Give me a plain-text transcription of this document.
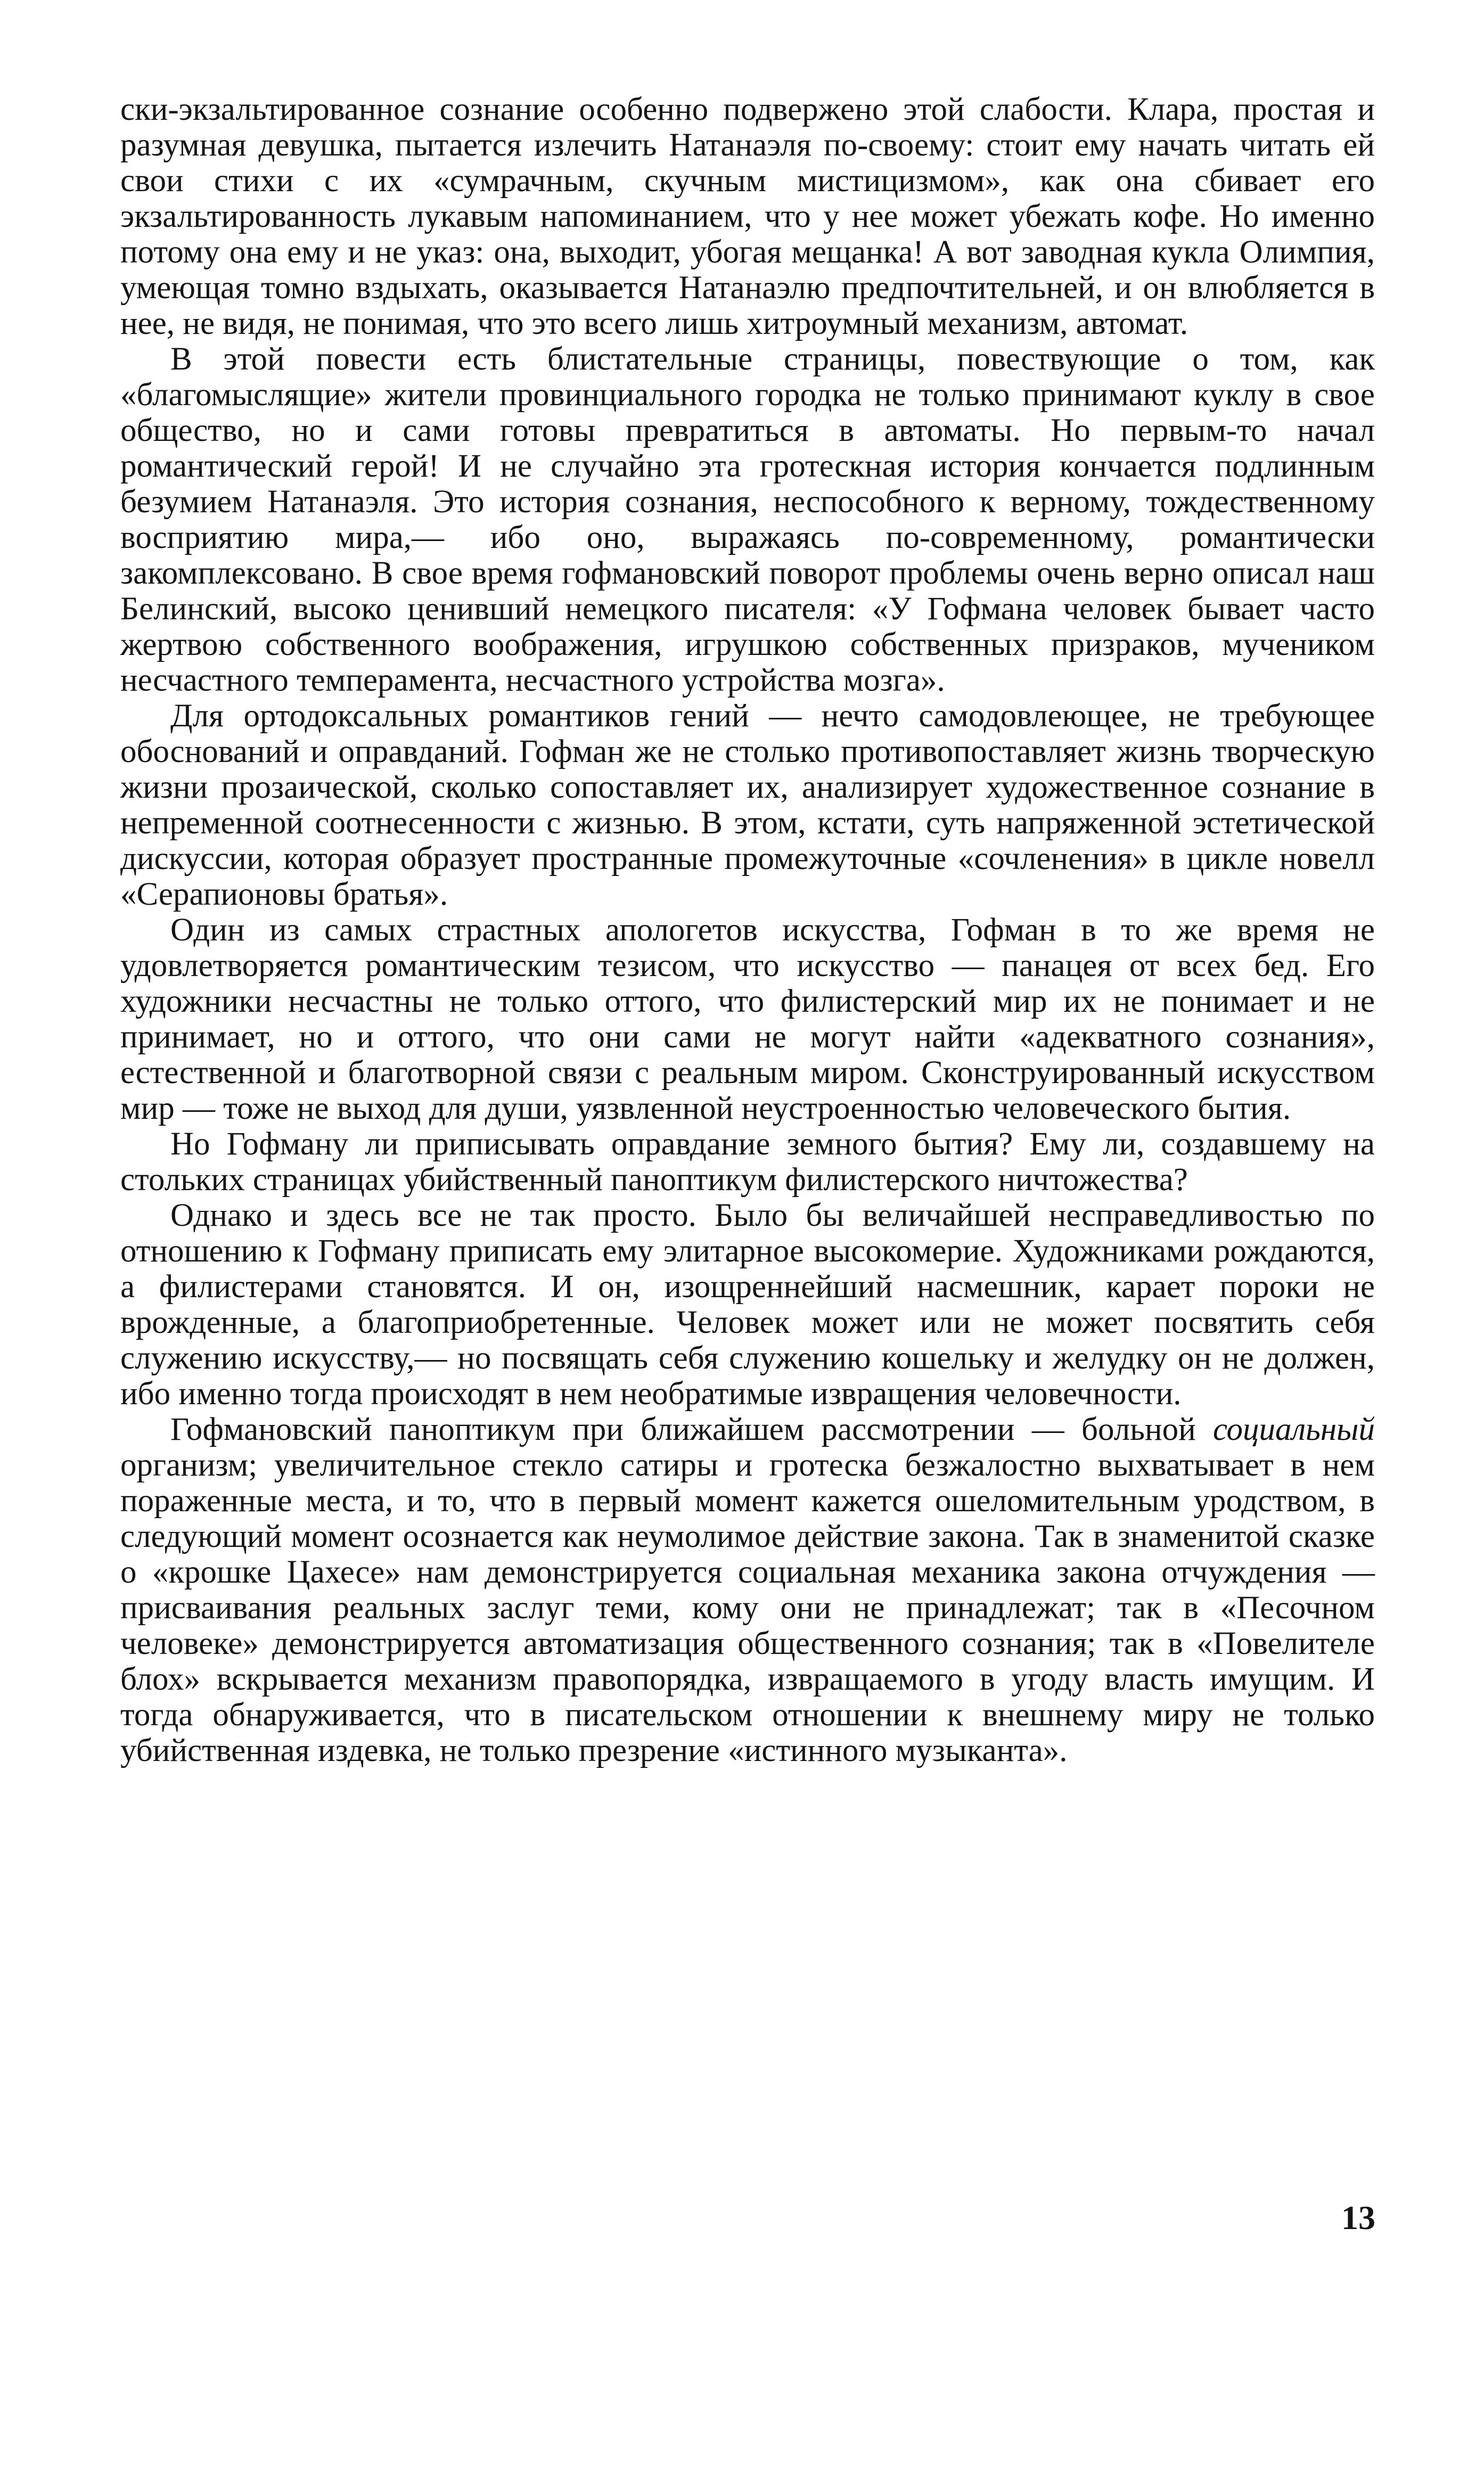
ски-экзальтированное сознание особенно подвержено этой слабости. Клара, простая и разумная девушка, пытается излечить Натанаэля по-своему: стоит ему начать читать ей свои стихи с их «сумрачным, скучным мистицизмом», как она сбивает его экзальтированность лукавым напоминанием, что у нее может убежать кофе. Но именно потому она ему и не указ: она, выходит, убогая мещанка! А вот заводная кукла Олимпия, умеющая томно вздыхать, оказывается Натанаэлю предпочтительней, и он влюбляется в нее, не видя, не понимая, что это всего лишь хитроумный механизм, автомат.

В этой повести есть блистательные страницы, повествующие о том, как «благомыслящие» жители провинциального городка не только принимают куклу в свое общество, но и сами готовы превратиться в автоматы. Но первым-то начал романтический герой! И не случайно эта гротескная история кончается подлинным безумием Натанаэля. Это история сознания, неспособного к верному, тождественному восприятию мира,— ибо оно, выражаясь по-современному, романтически закомплексовано. В свое время гофмановский поворот проблемы очень верно описал наш Белинский, высоко ценивший немецкого писателя: «У Гофмана человек бывает часто жертвою собственного воображения, игрушкою собственных призраков, мучеником несчастного темперамента, несчастного устройства мозга».

Для ортодоксальных романтиков гений — нечто самодовлеющее, не требующее обоснований и оправданий. Гофман же не столько противопоставляет жизнь творческую жизни прозаической, сколько сопоставляет их, анализирует художественное сознание в непременной соотнесенности с жизнью. В этом, кстати, суть напряженной эстетической дискуссии, которая образует пространные промежуточные «сочленения» в цикле новелл «Серапионовы братья».

Один из самых страстных апологетов искусства, Гофман в то же время не удовлетворяется романтическим тезисом, что искусство — панацея от всех бед. Его художники несчастны не только оттого, что филистерский мир их не понимает и не принимает, но и оттого, что они сами не могут найти «адекватного сознания», естественной и благотворной связи с реальным миром. Сконструированный искусством мир — тоже не выход для души, уязвленной неустроенностью человеческого бытия.

Но Гофману ли приписывать оправдание земного бытия? Ему ли, создавшему на стольких страницах убийственный паноптикум филистерского ничтожества?

Однако и здесь все не так просто. Было бы величайшей несправедливостью по отношению к Гофману приписать ему элитарное высокомерие. Художниками рождаются, а филистерами становятся. И он, изощреннейший насмешник, карает пороки не врожденные, а благоприобретенные. Человек может или не может посвятить себя служению искусству,— но посвящать себя служению кошельку и желудку он не должен, ибо именно тогда происходят в нем необратимые извращения человечности.

Гофмановский паноптикум при ближайшем рассмотрении — больной социальный организм; увеличительное стекло сатиры и гротеска безжалостно выхватывает в нем пораженные места, и то, что в первый момент кажется ошеломительным уродством, в следующий момент осознается как неумолимое действие закона. Так в знаменитой сказке о «крошке Цахесе» нам демонстрируется социальная механика закона отчуждения — присваивания реальных заслуг теми, кому они не принадлежат; так в «Песочном человеке» демонстрируется автоматизация общественного сознания; так в «Повелителе блох» вскрывается механизм правопорядка, извращаемого в угоду власть имущим. И тогда обнаруживается, что в писательском отношении к внешнему миру не только убийственная издевка, не только презрение «истинного музыканта».

13
